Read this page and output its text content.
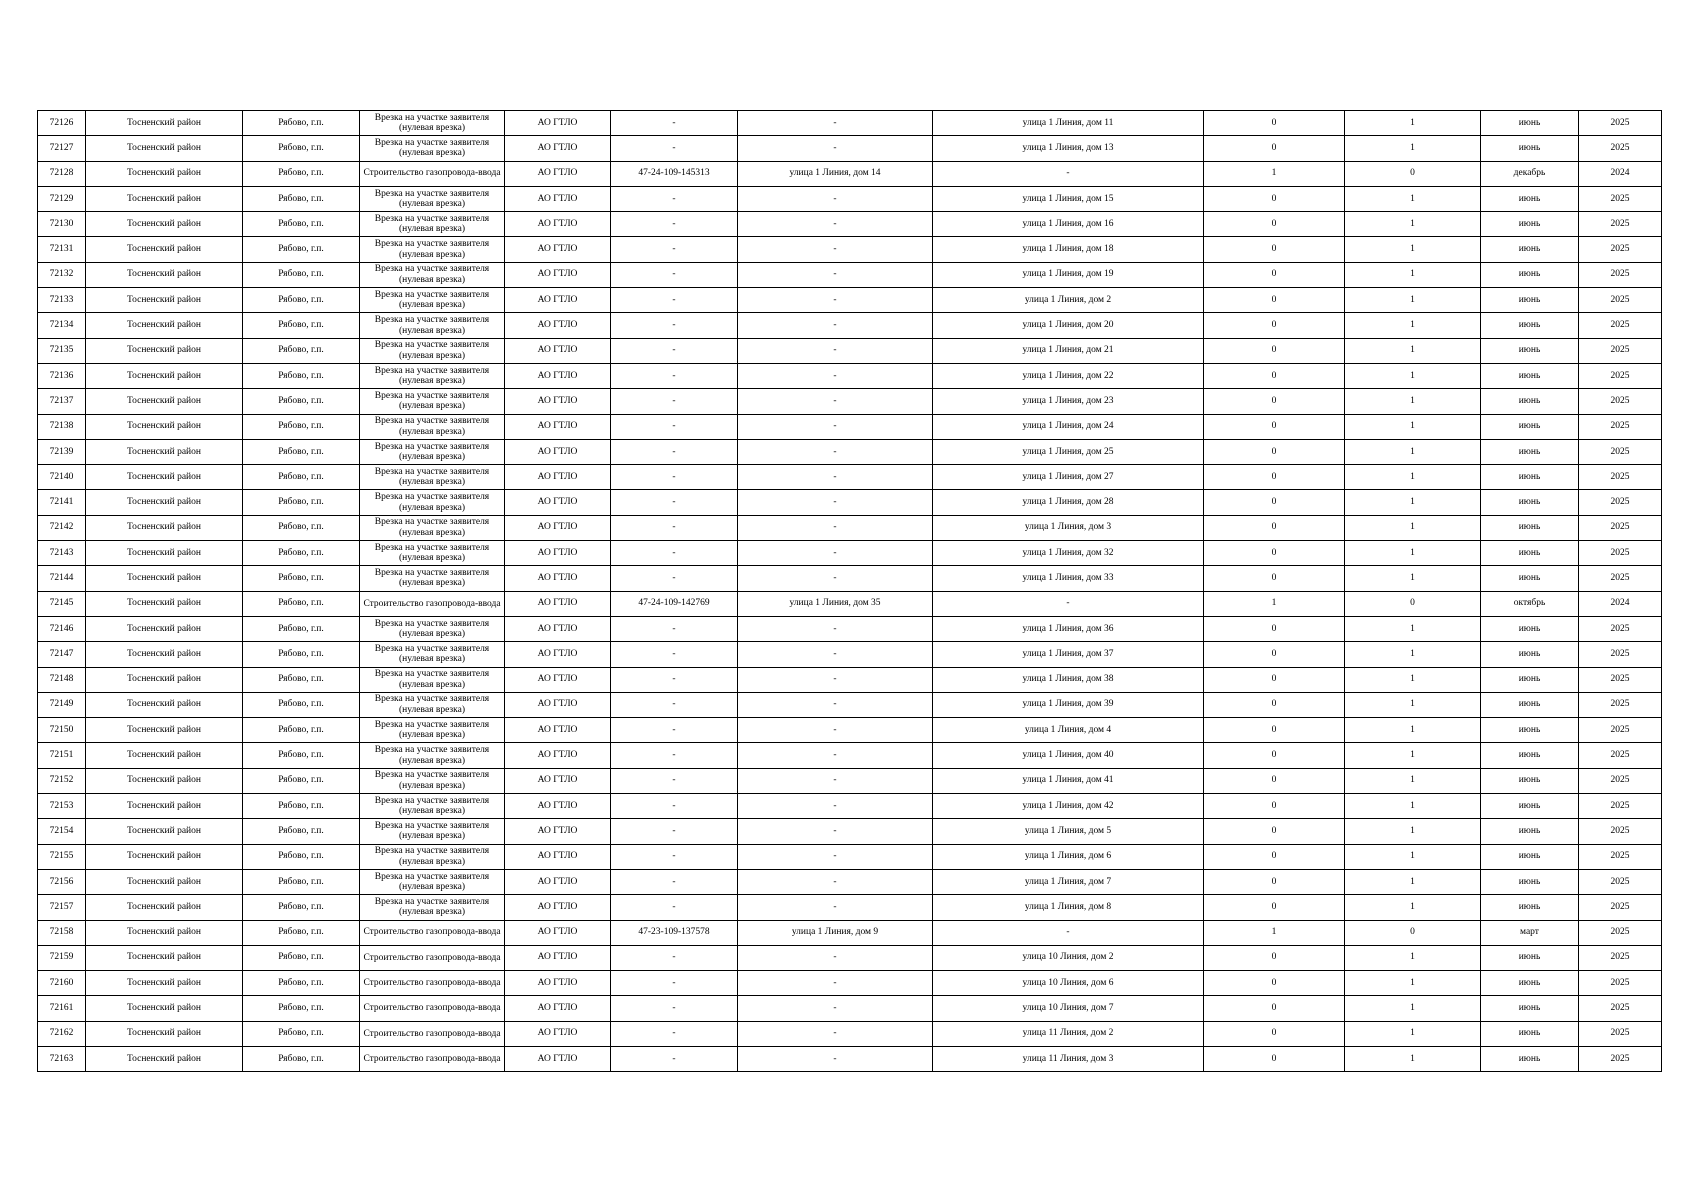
72126	Тосненский район	Рябово, г.п.	Врезка на участке заявителя (нулевая врезка)	АО ГТЛО	-	-	улица 1 Линия, дом 11	0	1	июнь	2025
72127	Тосненский район	Рябово, г.п.	Врезка на участке заявителя (нулевая врезка)	АО ГТЛО	-	-	улица 1 Линия, дом 13	0	1	июнь	2025
72128	Тосненский район	Рябово, г.п.	Строительство газопровода-ввода	АО ГТЛО	47-24-109-145313	улица 1 Линия, дом 14	-	1	0	декабрь	2024
72129	Тосненский район	Рябово, г.п.	Врезка на участке заявителя (нулевая врезка)	АО ГТЛО	-	-	улица 1 Линия, дом 15	0	1	июнь	2025
72130	Тосненский район	Рябово, г.п.	Врезка на участке заявителя (нулевая врезка)	АО ГТЛО	-	-	улица 1 Линия, дом 16	0	1	июнь	2025
72131	Тосненский район	Рябово, г.п.	Врезка на участке заявителя (нулевая врезка)	АО ГТЛО	-	-	улица 1 Линия, дом 18	0	1	июнь	2025
72132	Тосненский район	Рябово, г.п.	Врезка на участке заявителя (нулевая врезка)	АО ГТЛО	-	-	улица 1 Линия, дом 19	0	1	июнь	2025
72133	Тосненский район	Рябово, г.п.	Врезка на участке заявителя (нулевая врезка)	АО ГТЛО	-	-	улица 1 Линия, дом 2	0	1	июнь	2025
72134	Тосненский район	Рябово, г.п.	Врезка на участке заявителя (нулевая врезка)	АО ГТЛО	-	-	улица 1 Линия, дом 20	0	1	июнь	2025
72135	Тосненский район	Рябово, г.п.	Врезка на участке заявителя (нулевая врезка)	АО ГТЛО	-	-	улица 1 Линия, дом 21	0	1	июнь	2025
72136	Тосненский район	Рябово, г.п.	Врезка на участке заявителя (нулевая врезка)	АО ГТЛО	-	-	улица 1 Линия, дом 22	0	1	июнь	2025
72137	Тосненский район	Рябово, г.п.	Врезка на участке заявителя (нулевая врезка)	АО ГТЛО	-	-	улица 1 Линия, дом 23	0	1	июнь	2025
72138	Тосненский район	Рябово, г.п.	Врезка на участке заявителя (нулевая врезка)	АО ГТЛО	-	-	улица 1 Линия, дом 24	0	1	июнь	2025
72139	Тосненский район	Рябово, г.п.	Врезка на участке заявителя (нулевая врезка)	АО ГТЛО	-	-	улица 1 Линия, дом 25	0	1	июнь	2025
72140	Тосненский район	Рябово, г.п.	Врезка на участке заявителя (нулевая врезка)	АО ГТЛО	-	-	улица 1 Линия, дом 27	0	1	июнь	2025
72141	Тосненский район	Рябово, г.п.	Врезка на участке заявителя (нулевая врезка)	АО ГТЛО	-	-	улица 1 Линия, дом 28	0	1	июнь	2025
72142	Тосненский район	Рябово, г.п.	Врезка на участке заявителя (нулевая врезка)	АО ГТЛО	-	-	улица 1 Линия, дом 3	0	1	июнь	2025
72143	Тосненский район	Рябово, г.п.	Врезка на участке заявителя (нулевая врезка)	АО ГТЛО	-	-	улица 1 Линия, дом 32	0	1	июнь	2025
72144	Тосненский район	Рябово, г.п.	Врезка на участке заявителя (нулевая врезка)	АО ГТЛО	-	-	улица 1 Линия, дом 33	0	1	июнь	2025
72145	Тосненский район	Рябово, г.п.	Строительство газопровода-ввода	АО ГТЛО	47-24-109-142769	улица 1 Линия, дом 35	-	1	0	октябрь	2024
72146	Тосненский район	Рябово, г.п.	Врезка на участке заявителя (нулевая врезка)	АО ГТЛО	-	-	улица 1 Линия, дом 36	0	1	июнь	2025
72147	Тосненский район	Рябово, г.п.	Врезка на участке заявителя (нулевая врезка)	АО ГТЛО	-	-	улица 1 Линия, дом 37	0	1	июнь	2025
72148	Тосненский район	Рябово, г.п.	Врезка на участке заявителя (нулевая врезка)	АО ГТЛО	-	-	улица 1 Линия, дом 38	0	1	июнь	2025
72149	Тосненский район	Рябово, г.п.	Врезка на участке заявителя (нулевая врезка)	АО ГТЛО	-	-	улица 1 Линия, дом 39	0	1	июнь	2025
72150	Тосненский район	Рябово, г.п.	Врезка на участке заявителя (нулевая врезка)	АО ГТЛО	-	-	улица 1 Линия, дом 4	0	1	июнь	2025
72151	Тосненский район	Рябово, г.п.	Врезка на участке заявителя (нулевая врезка)	АО ГТЛО	-	-	улица 1 Линия, дом 40	0	1	июнь	2025
72152	Тосненский район	Рябово, г.п.	Врезка на участке заявителя (нулевая врезка)	АО ГТЛО	-	-	улица 1 Линия, дом 41	0	1	июнь	2025
72153	Тосненский район	Рябово, г.п.	Врезка на участке заявителя (нулевая врезка)	АО ГТЛО	-	-	улица 1 Линия, дом 42	0	1	июнь	2025
72154	Тосненский район	Рябово, г.п.	Врезка на участке заявителя (нулевая врезка)	АО ГТЛО	-	-	улица 1 Линия, дом 5	0	1	июнь	2025
72155	Тосненский район	Рябово, г.п.	Врезка на участке заявителя (нулевая врезка)	АО ГТЛО	-	-	улица 1 Линия, дом 6	0	1	июнь	2025
72156	Тосненский район	Рябово, г.п.	Врезка на участке заявителя (нулевая врезка)	АО ГТЛО	-	-	улица 1 Линия, дом 7	0	1	июнь	2025
72157	Тосненский район	Рябово, г.п.	Врезка на участке заявителя (нулевая врезка)	АО ГТЛО	-	-	улица 1 Линия, дом 8	0	1	июнь	2025
72158	Тосненский район	Рябово, г.п.	Строительство газопровода-ввода	АО ГТЛО	47-23-109-137578	улица 1 Линия, дом 9	-	1	0	март	2025
72159	Тосненский район	Рябово, г.п.	Строительство газопровода-ввода	АО ГТЛО	-	-	улица 10 Линия, дом 2	0	1	июнь	2025
72160	Тосненский район	Рябово, г.п.	Строительство газопровода-ввода	АО ГТЛО	-	-	улица 10 Линия, дом 6	0	1	июнь	2025
72161	Тосненский район	Рябово, г.п.	Строительство газопровода-ввода	АО ГТЛО	-	-	улица 10 Линия, дом 7	0	1	июнь	2025
72162	Тосненский район	Рябово, г.п.	Строительство газопровода-ввода	АО ГТЛО	-	-	улица 11 Линия, дом 2	0	1	июнь	2025
72163	Тосненский район	Рябово, г.п.	Строительство газопровода-ввода	АО ГТЛО	-	-	улица 11 Линия, дом 3	0	1	июнь	2025
